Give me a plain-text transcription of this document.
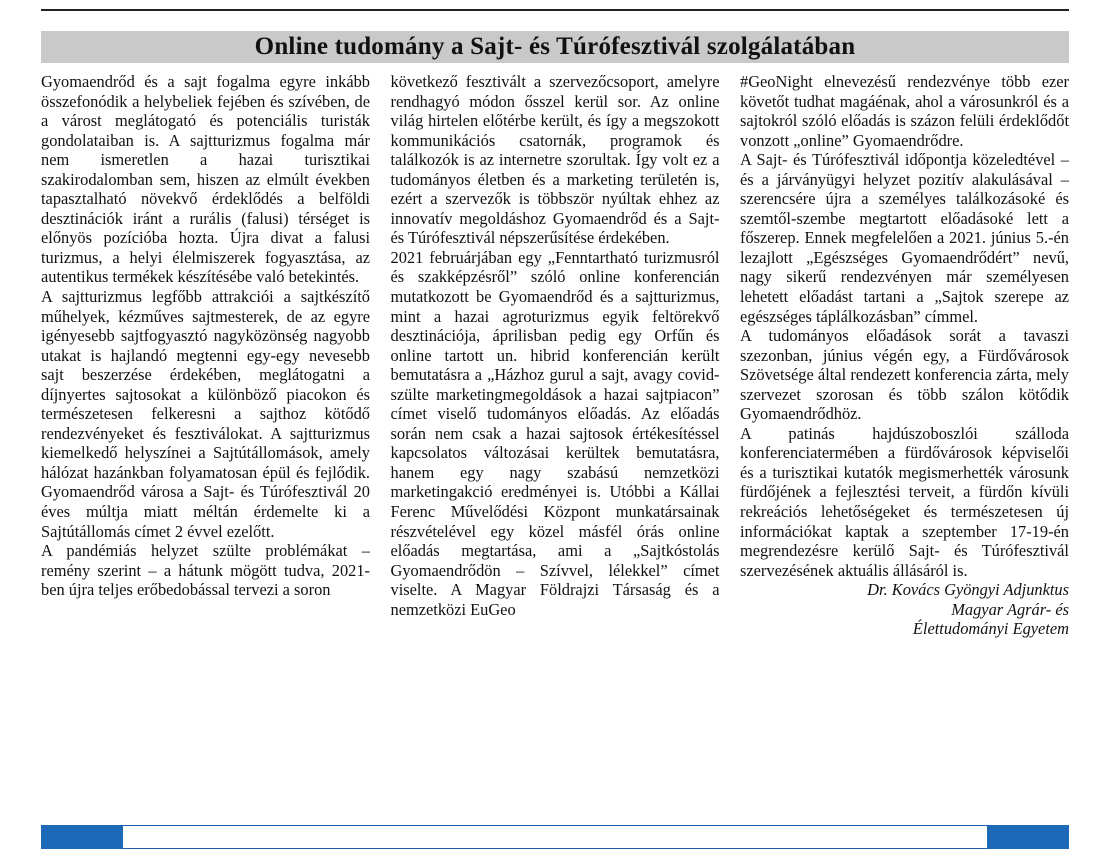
Online tudomány a Sajt- és Túrófesztivál szolgálatában

Gyomaendrőd és a sajt fogalma egyre inkább összefonódik a helybeliek fejében és szívében, de a várost meglátogató és potenciális turisták gondolataiban is. A sajtturizmus fogalma már nem ismeretlen a hazai turisztikai szakirodalomban sem, hiszen az elmúlt években tapasztalható növekvő érdeklődés a belföldi desztinációk iránt a rurális (falusi) térséget is előnyös pozícióba hozta. Újra divat a falusi turizmus, a helyi élelmiszerek fogyasztása, az autentikus termékek készítésébe való betekintés.

A sajtturizmus legfőbb attrakciói a sajtkészítő műhelyek, kézműves sajtmesterek, de az egyre igényesebb sajtfogyasztó nagyközönség nagyobb utakat is hajlandó megtenni egy-egy nevesebb sajt beszerzése érdekében, meglátogatni a díjnyertes sajtosokat a különböző piacokon és természetesen felkeresni a sajthoz kötődő rendezvényeket és fesztiválokat. A sajtturizmus kiemelkedő helyszínei a Sajtútállomások, amely hálózat hazánkban folyamatosan épül és fejlődik. Gyomaendrőd városa a Sajt- és Túrófesztivál 20 éves múltja miatt méltán érdemelte ki a Sajtútállomás címet 2 évvel ezelőtt.

A pandémiás helyzet szülte problémákat – remény szerint – a hátunk mögött tudva, 2021-ben újra teljes erőbedobással tervezi a soron

következő fesztivált a szervezőcsoport, amelyre rendhagyó módon ősszel kerül sor. Az online világ hirtelen előtérbe került, és így a megszokott kommunikációs csatornák, programok és találkozók is az internetre szorultak. Így volt ez a tudományos életben és a marketing területén is, ezért a szervezők is többször nyúltak ehhez az innovatív megoldáshoz Gyomaendrőd és a Sajt- és Túrófesztivál népszerűsítése érdekében.

2021 februárjában egy „Fenntartható turizmusról és szakképzésről” szóló online konferencián mutatkozott be Gyomaendrőd és a sajtturizmus, mint a hazai agroturizmus egyik feltörekvő desztinációja, áprilisban pedig egy Orfűn és online tartott un. hibrid konferencián került bemutatásra a „Házhoz gurul a sajt, avagy covid-szülte marketingmegoldások a hazai sajtpiacon” címet viselő tudományos előadás. Az előadás során nem csak a hazai sajtosok értékesítéssel kapcsolatos változásai kerültek bemutatásra, hanem egy nagy szabású nemzetközi marketingakció eredményei is. Utóbbi a Kállai Ferenc Művelődési Központ munkatársainak részvételével egy közel másfél órás online előadás megtartása, ami a „Sajtkóstolás Gyomaendrődön – Szívvel, lélekkel” címet viselte. A Magyar Földrajzi Társaság és a nemzetközi EuGeo

#GeoNight elnevezésű rendezvénye több ezer követőt tudhat magáénak, ahol a városunkról és a sajtokról szóló előadás is százon felüli érdeklődőt vonzott „online” Gyomaendrődre.

A Sajt- és Túrófesztivál időpontja közeledtével – és a járványügyi helyzet pozitív alakulásával – szerencsére újra a személyes találkozásoké és szemtől-szembe megtartott előadásoké lett a főszerep. Ennek megfelelően a 2021. június 5.-én lezajlott „Egészséges Gyomaendrődért” nevű, nagy sikerű rendezvényen már személyesen lehetett előadást tartani a „Sajtok szerepe az egészséges táplálkozásban” címmel.

A tudományos előadások sorát a tavaszi szezonban, június végén egy, a Fürdővárosok Szövetsége által rendezett konferencia zárta, mely szervezet szorosan és több szálon kötődik Gyomaendrődhöz.

A patinás hajdúszoboszlói szálloda konferenciatermében a fürdővárosok képviselői és a turisztikai kutatók megismerhették városunk fürdőjének a fejlesztési terveit, a fürdőn kívüli rekreációs lehetőségeket és természetesen új információkat kaptak a szeptember 17-19-én megrendezésre kerülő Sajt- és Túrófesztivál szervezésének aktuális állásáról is.

Dr. Kovács Gyöngyi Adjunktus

Magyar Agrár- és

Élettudományi Egyetem
